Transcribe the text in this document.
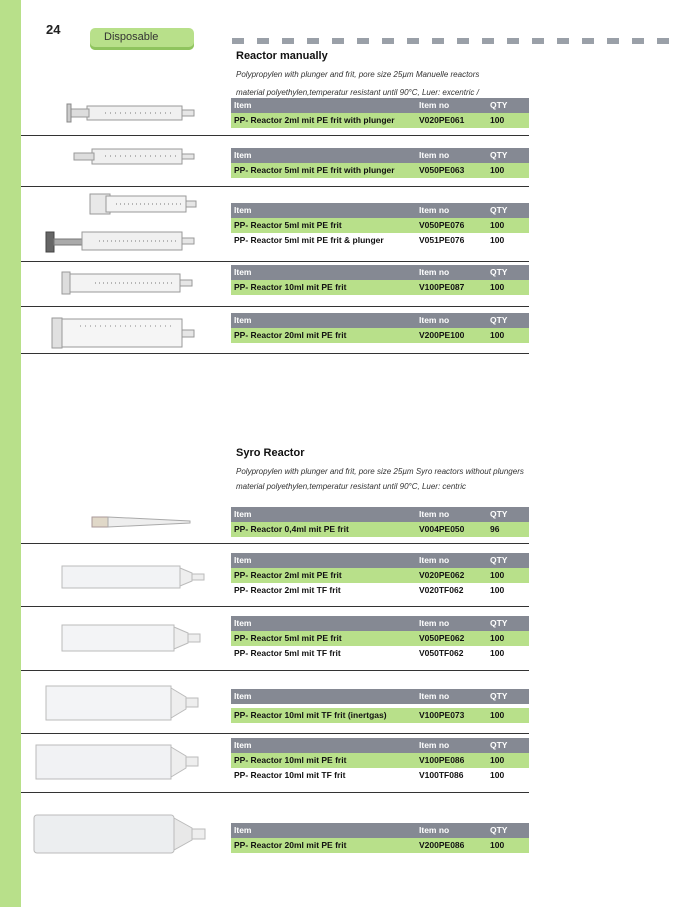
24	Disposable
Reactor manually
Polypropylen with plunger and frit, pore size 25µm Manuelle reactors
material polyethylen,temperatur resistant until 90°C, Luer: excentric /
Item	Item no	QTY
PP- Reactor 2ml mit PE frit with plunger	V020PE061	100
Item	Item no	QTY
PP- Reactor 5ml mit PE frit with plunger	V050PE063	100
Item	Item no	QTY
PP- Reactor 5ml mit PE frit	V050PE076	100
PP- Reactor 5ml mit PE frit & plunger	V051PE076	100
Item	Item no	QTY
PP- Reactor 10ml mit PE frit	V100PE087	100
Item	Item no	QTY
PP- Reactor 20ml mit PE frit	V200PE100	100
Syro Reactor
Polypropylen with plunger and frit, pore size 25µm Syro reactors without plungers
material polyethylen,temperatur resistant until 90°C, Luer: centric
Item	Item no	QTY
PP- Reactor 0,4ml mit PE frit	V004PE050	96
Item	Item no	QTY
PP- Reactor 2ml mit PE frit	V020PE062	100
PP- Reactor 2ml mit TF frit	V020TF062	100
Item	Item no	QTY
PP- Reactor 5ml mit PE frit	V050PE062	100
PP- Reactor 5ml mit TF frit	V050TF062	100
Item	Item no	QTY
PP- Reactor 10ml mit TF frit (inertgas)	V100PE073	100
Item	Item no	QTY
PP- Reactor 10ml mit PE frit	V100PE086	100
PP- Reactor 10ml mit TF frit	V100TF086	100
Item	Item no	QTY
PP- Reactor 20ml mit PE frit	V200PE086	100
